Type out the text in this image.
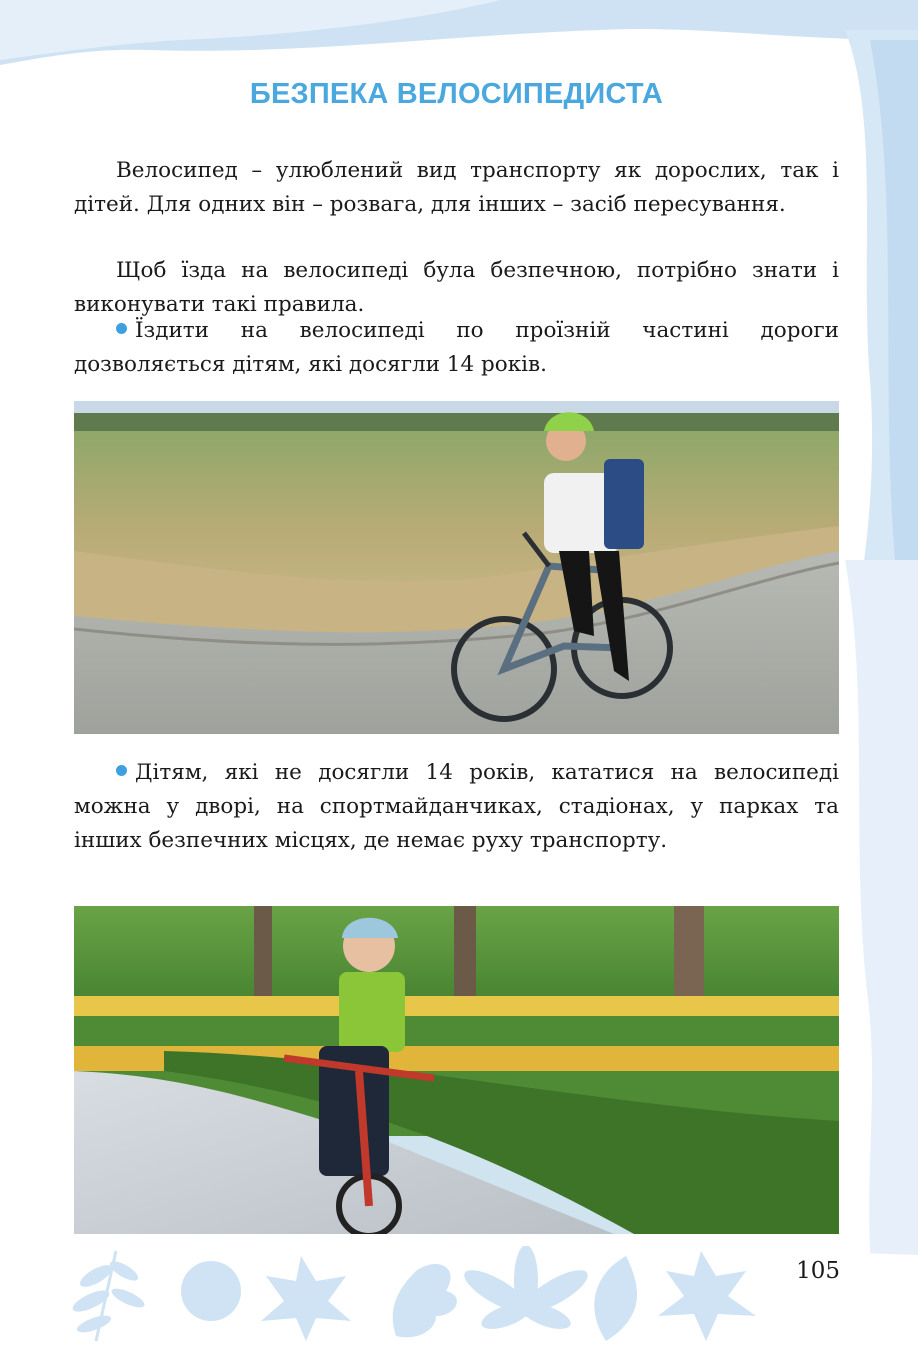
БЕЗПЕКА ВЕЛОСИПЕДИСТА
Велосипед – улюблений вид транспорту як дорослих, так і дітей. Для одних він – розвага, для інших – засіб пересування.
Щоб їзда на велосипеді була безпечною, потрібно знати і виконувати такі правила.
Їздити на велосипеді по проїзній частині дороги дозволяється дітям, які досягли 14 років.
Дітям, які не досягли 14 років, кататися на велосипеді можна у дворі, на спортмайданчиках, стадіонах, у парках та інших безпечних місцях, де немає руху транспорту.
105
